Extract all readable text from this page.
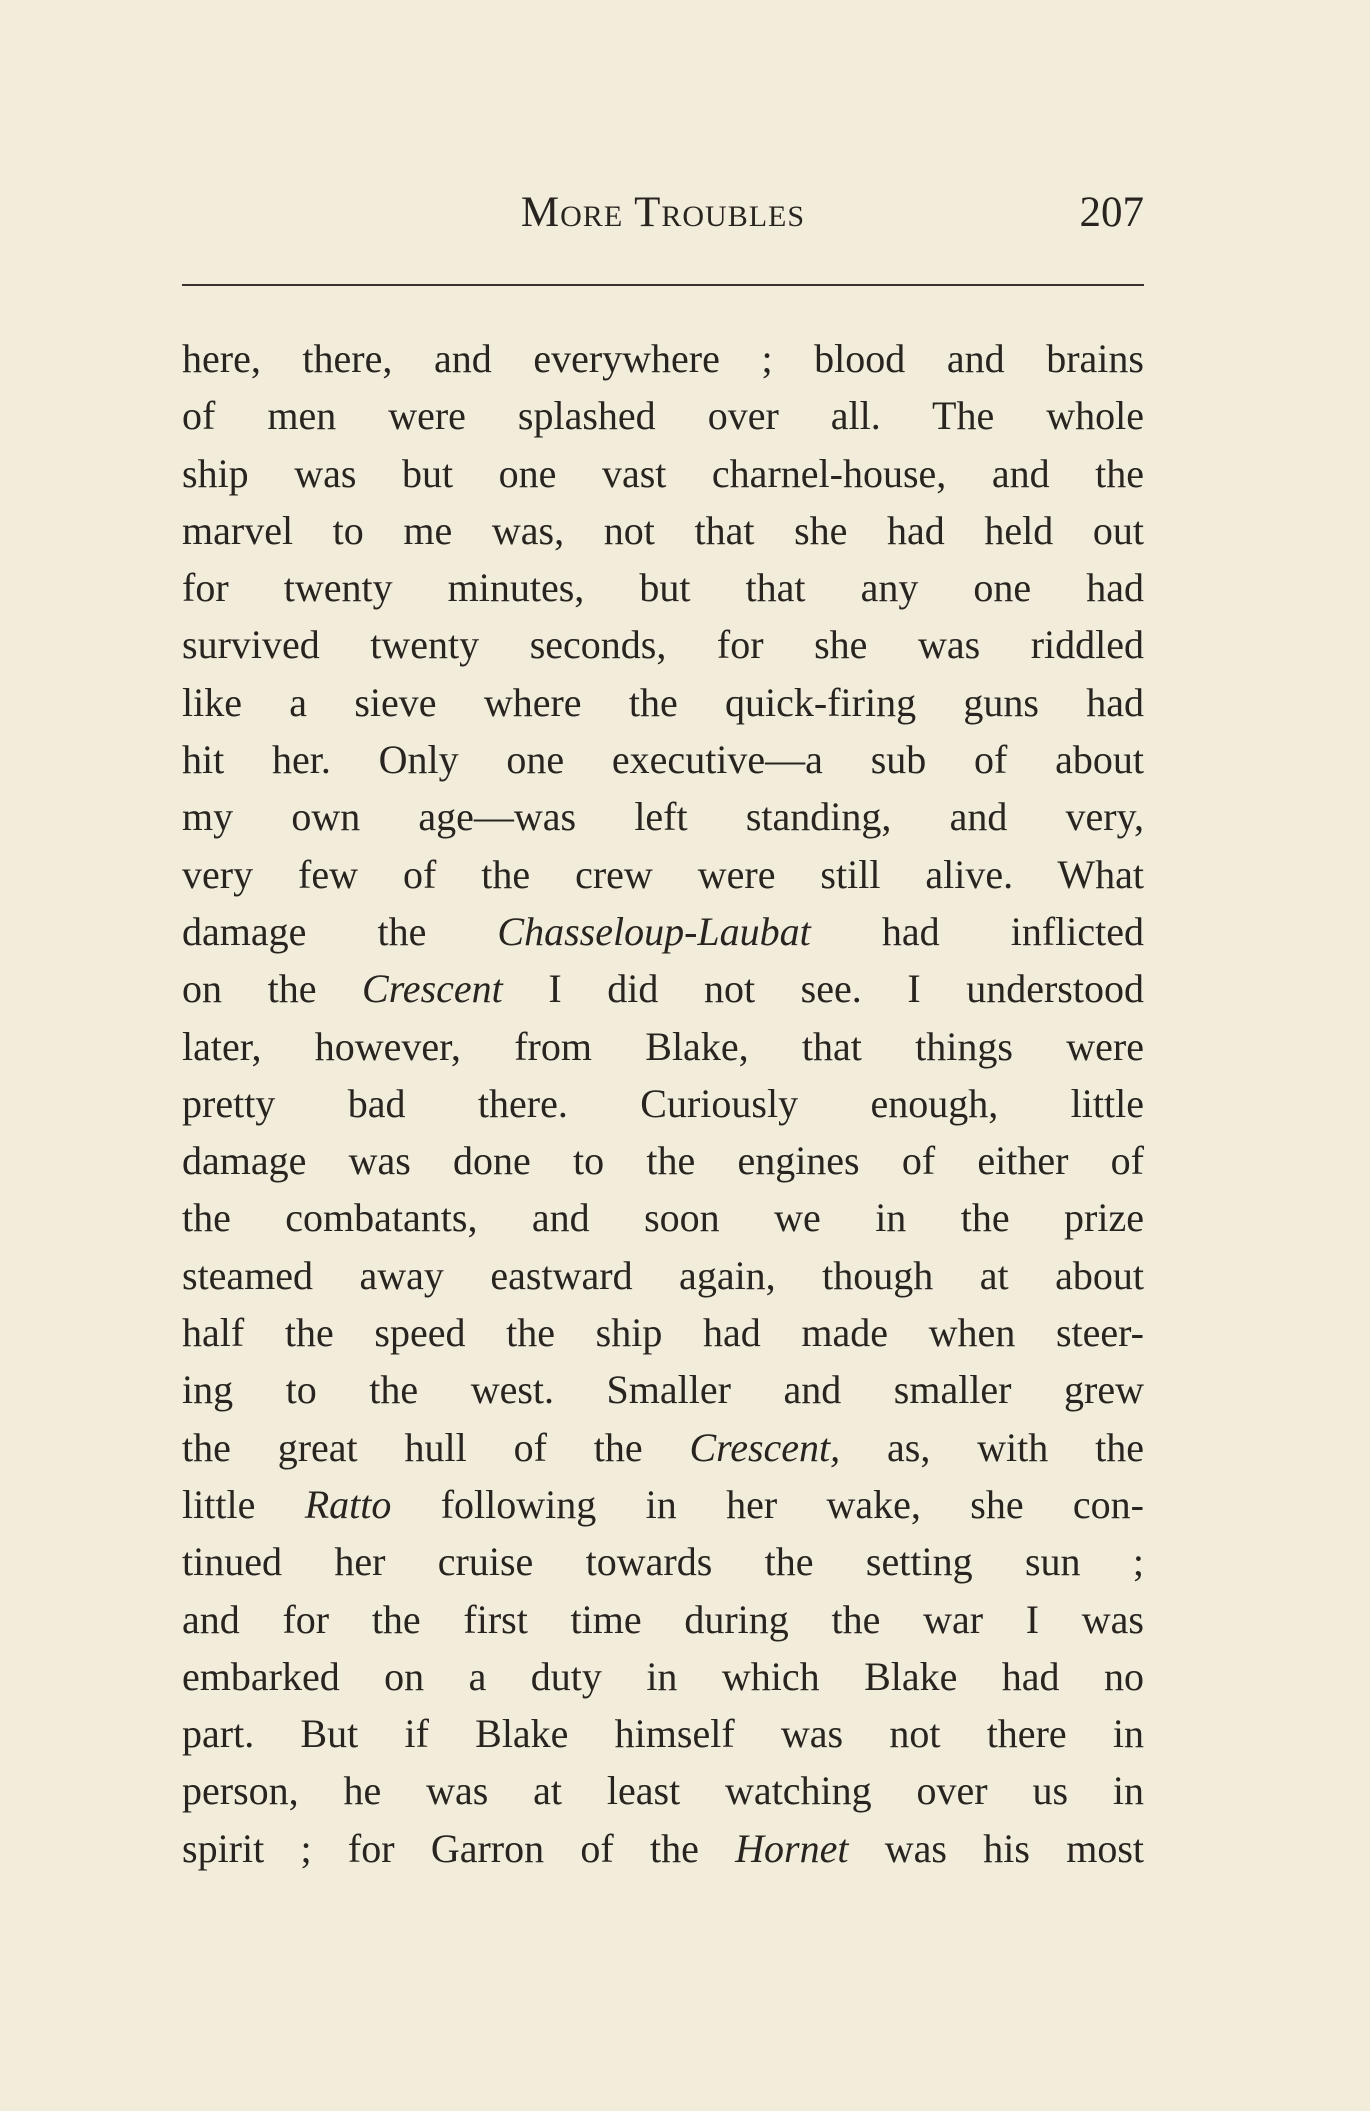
More Troubles	207
here, there, and everywhere ; blood and brains
of men were splashed over all. The whole
ship was but one vast charnel-house, and the
marvel to me was, not that she had held out
for twenty minutes, but that any one had
survived twenty seconds, for she was riddled
like a sieve where the quick-firing guns had
hit her. Only one executive—a sub of about
my own age—was left standing, and very,
very few of the crew were still alive. What
damage the Chasseloup-Laubat had inflicted
on the Crescent I did not see. I understood
later, however, from Blake, that things were
pretty bad there. Curiously enough, little
damage was done to the engines of either of
the combatants, and soon we in the prize
steamed away eastward again, though at about
half the speed the ship had made when steer-
ing to the west. Smaller and smaller grew
the great hull of the Crescent, as, with the
little Ratto following in her wake, she con-
tinued her cruise towards the setting sun ;
and for the first time during the war I was
embarked on a duty in which Blake had no
part. But if Blake himself was not there in
person, he was at least watching over us in
spirit ; for Garron of the Hornet was his most
